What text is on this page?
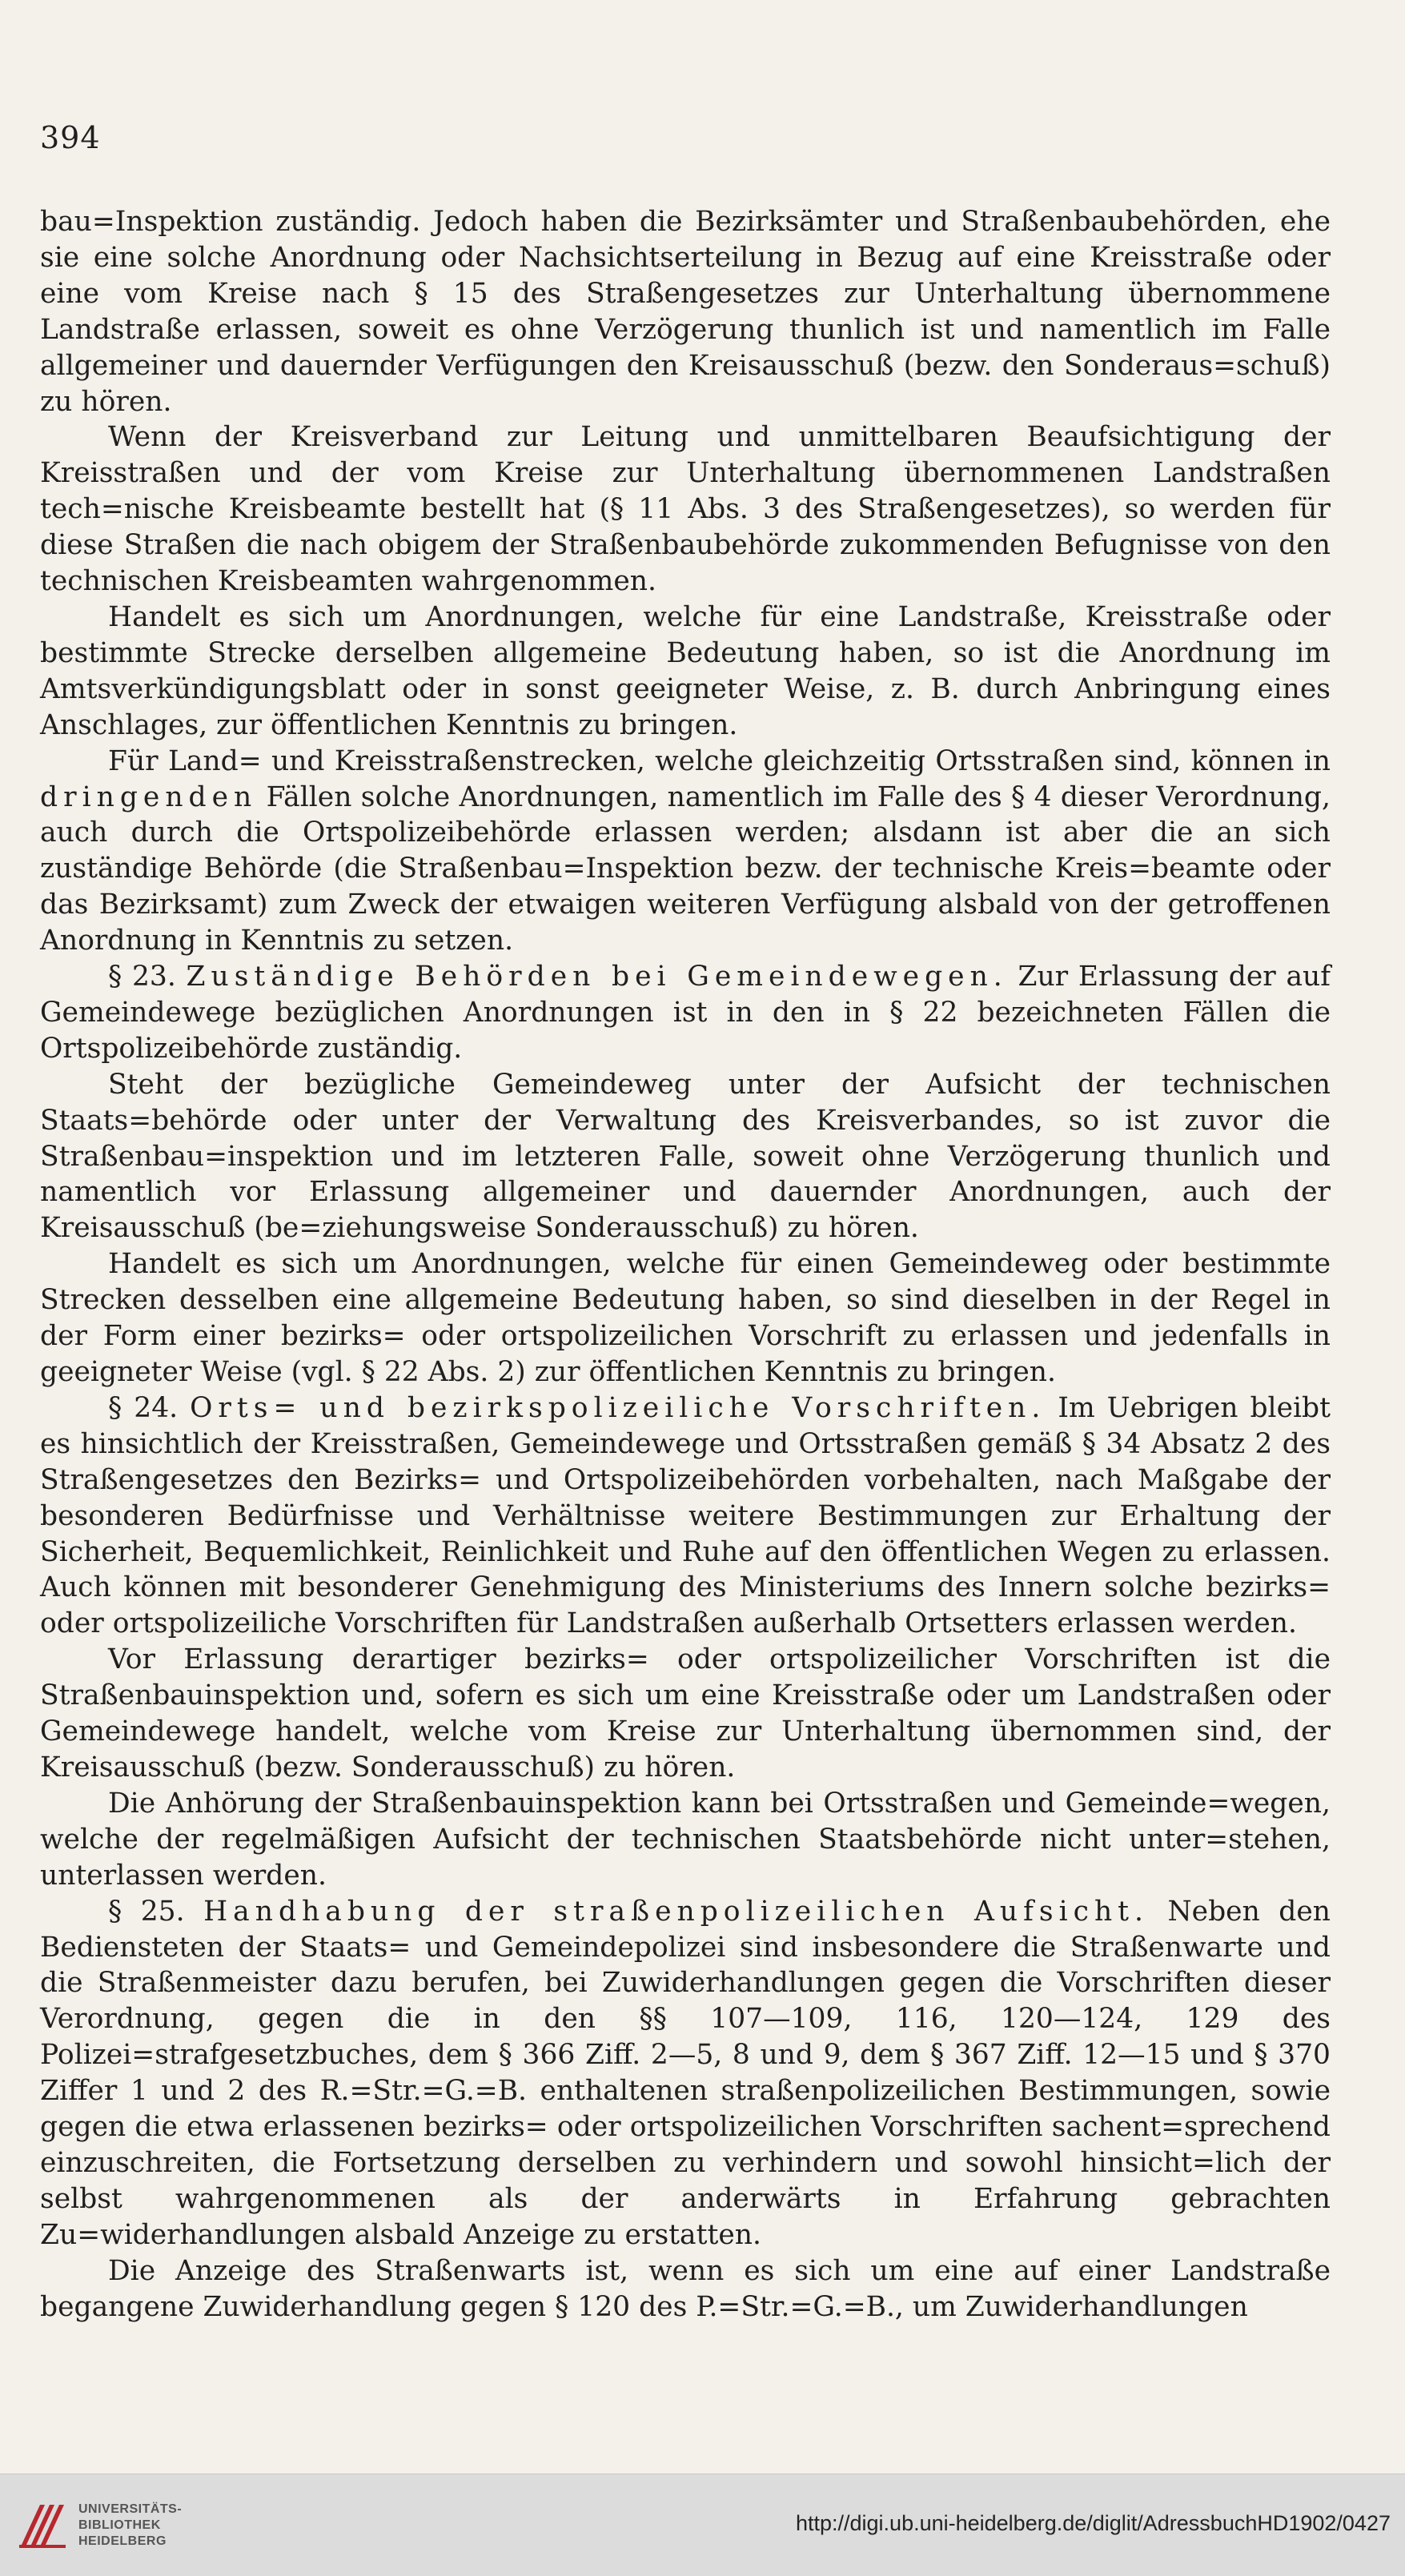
394

bau=Inspektion zuständig. Jedoch haben die Bezirksämter und Straßenbaubehörden, ehe sie eine solche Anordnung oder Nachsichtserteilung in Bezug auf eine Kreisstraße oder eine vom Kreise nach § 15 des Straßengesetzes zur Unterhaltung übernommene Landstraße erlassen, soweit es ohne Verzögerung thunlich ist und namentlich im Falle allgemeiner und dauernder Verfügungen den Kreisausschuß (bezw. den Sonderaus=schuß) zu hören.

Wenn der Kreisverband zur Leitung und unmittelbaren Beaufsichtigung der Kreisstraßen und der vom Kreise zur Unterhaltung übernommenen Landstraßen tech=nische Kreisbeamte bestellt hat (§ 11 Abs. 3 des Straßengesetzes), so werden für diese Straßen die nach obigem der Straßenbaubehörde zukommenden Befugnisse von den technischen Kreisbeamten wahrgenommen.

Handelt es sich um Anordnungen, welche für eine Landstraße, Kreisstraße oder bestimmte Strecke derselben allgemeine Bedeutung haben, so ist die Anordnung im Amtsverkündigungsblatt oder in sonst geeigneter Weise, z. B. durch Anbringung eines Anschlages, zur öffentlichen Kenntnis zu bringen.

Für Land= und Kreisstraßenstrecken, welche gleichzeitig Ortsstraßen sind, können in dringenden Fällen solche Anordnungen, namentlich im Falle des § 4 dieser Verordnung, auch durch die Ortspolizeibehörde erlassen werden; alsdann ist aber die an sich zuständige Behörde (die Straßenbau=Inspektion bezw. der technische Kreis=beamte oder das Bezirksamt) zum Zweck der etwaigen weiteren Verfügung alsbald von der getroffenen Anordnung in Kenntnis zu setzen.

§ 23. Zuständige Behörden bei Gemeindewegen. Zur Erlassung der auf Gemeindewege bezüglichen Anordnungen ist in den in § 22 bezeichneten Fällen die Ortspolizeibehörde zuständig.

Steht der bezügliche Gemeindeweg unter der Aufsicht der technischen Staats=behörde oder unter der Verwaltung des Kreisverbandes, so ist zuvor die Straßenbau=inspektion und im letzteren Falle, soweit ohne Verzögerung thunlich und namentlich vor Erlassung allgemeiner und dauernder Anordnungen, auch der Kreisausschuß (be=ziehungsweise Sonderausschuß) zu hören.

Handelt es sich um Anordnungen, welche für einen Gemeindeweg oder bestimmte Strecken desselben eine allgemeine Bedeutung haben, so sind dieselben in der Regel in der Form einer bezirks= oder ortspolizeilichen Vorschrift zu erlassen und jedenfalls in geeigneter Weise (vgl. § 22 Abs. 2) zur öffentlichen Kenntnis zu bringen.

§ 24. Orts= und bezirkspolizeiliche Vorschriften. Im Uebrigen bleibt es hinsichtlich der Kreisstraßen, Gemeindewege und Ortsstraßen gemäß § 34 Absatz 2 des Straßengesetzes den Bezirks= und Ortspolizeibehörden vorbehalten, nach Maßgabe der besonderen Bedürfnisse und Verhältnisse weitere Bestimmungen zur Erhaltung der Sicherheit, Bequemlichkeit, Reinlichkeit und Ruhe auf den öffentlichen Wegen zu erlassen. Auch können mit besonderer Genehmigung des Ministeriums des Innern solche bezirks= oder ortspolizeiliche Vorschriften für Landstraßen außerhalb Ortsetters erlassen werden.

Vor Erlassung derartiger bezirks= oder ortspolizeilicher Vorschriften ist die Straßenbauinspektion und, sofern es sich um eine Kreisstraße oder um Landstraßen oder Gemeindewege handelt, welche vom Kreise zur Unterhaltung übernommen sind, der Kreisausschuß (bezw. Sonderausschuß) zu hören.

Die Anhörung der Straßenbauinspektion kann bei Ortsstraßen und Gemeinde=wegen, welche der regelmäßigen Aufsicht der technischen Staatsbehörde nicht unter=stehen, unterlassen werden.

§ 25. Handhabung der straßenpolizeilichen Aufsicht. Neben den Bediensteten der Staats= und Gemeindepolizei sind insbesondere die Straßenwarte und die Straßenmeister dazu berufen, bei Zuwiderhandlungen gegen die Vorschriften dieser Verordnung, gegen die in den §§ 107—109, 116, 120—124, 129 des Polizei=strafgesetzbuches, dem § 366 Ziff. 2—5, 8 und 9, dem § 367 Ziff. 12—15 und § 370 Ziffer 1 und 2 des R.=Str.=G.=B. enthaltenen straßenpolizeilichen Bestimmungen, sowie gegen die etwa erlassenen bezirks= oder ortspolizeilichen Vorschriften sachent=sprechend einzuschreiten, die Fortsetzung derselben zu verhindern und sowohl hinsicht=lich der selbst wahrgenommenen als der anderwärts in Erfahrung gebrachten Zu=widerhandlungen alsbald Anzeige zu erstatten.

Die Anzeige des Straßenwarts ist, wenn es sich um eine auf einer Landstraße begangene Zuwiderhandlung gegen § 120 des P.=Str.=G.=B., um Zuwiderhandlungen

UNIVERSITÄTS-
BIBLIOTHEK
HEIDELBERG
http://digi.ub.uni-heidelberg.de/diglit/AdressbuchHD1902/0427
